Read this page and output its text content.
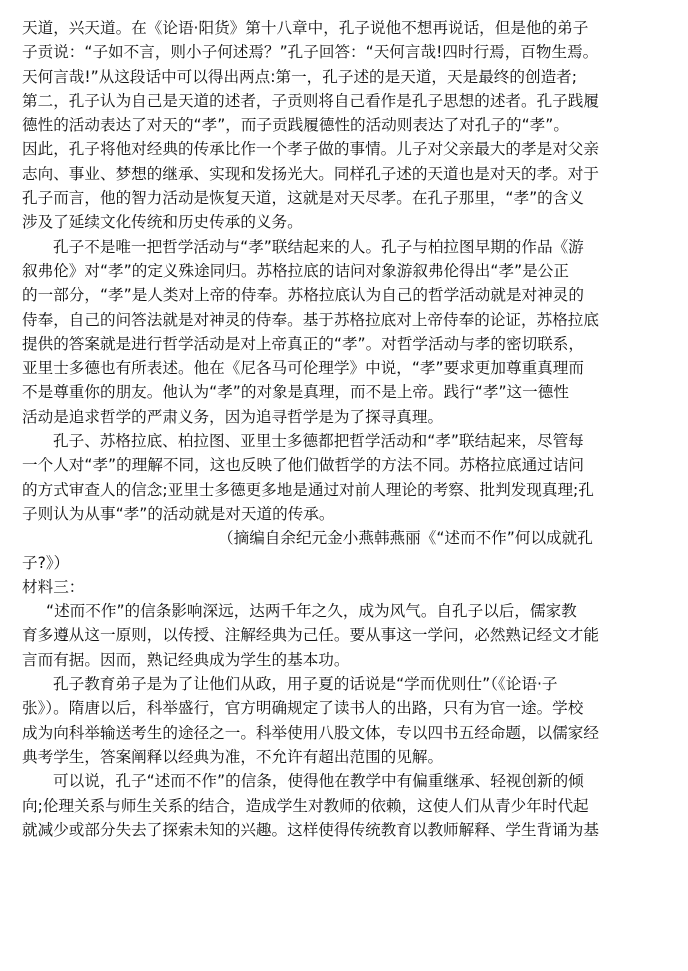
天道，兴天道。在《论语·阳货》第十八章中，孔子说他不想再说话，但是他的弟子
子贡说：“子如不言，则小子何述焉？”孔子回答：“天何言哉!四时行焉，百物生焉。
天何言哉!”从这段话中可以得出两点:第一，孔子述的是天道，天是最终的创造者;
第二，孔子认为自己是天道的述者，子贡则将自己看作是孔子思想的述者。孔子践履
德性的活动表达了对天的“孝”，而子贡践履德性的活动则表达了对孔子的“孝”。
因此，孔子将他对经典的传承比作一个孝子做的事情。儿子对父亲最大的孝是对父亲
志向、事业、梦想的继承、实现和发扬光大。同样孔子述的天道也是对天的孝。对于
孔子而言，他的智力活动是恢复天道，这就是对天尽孝。在孔子那里，“孝”的含义
涉及了延续文化传统和历史传承的义务。
孔子不是唯一把哲学活动与“孝”联结起来的人。孔子与柏拉图早期的作品《游
叙弗伦》对“孝”的定义殊途同归。苏格拉底的诘问对象游叙弗伦得出“孝”是公正
的一部分，“孝”是人类对上帝的侍奉。苏格拉底认为自己的哲学活动就是对神灵的
侍奉，自己的问答法就是对神灵的侍奉。基于苏格拉底对上帝侍奉的论证，苏格拉底
提供的答案就是进行哲学活动是对上帝真正的“孝”。对哲学活动与孝的密切联系，
亚里士多德也有所表述。他在《尼各马可伦理学》中说，“孝”要求更加尊重真理而
不是尊重你的朋友。他认为“孝”的对象是真理，而不是上帝。践行“孝”这一德性
活动是追求哲学的严肃义务，因为追寻哲学是为了探寻真理。
孔子、苏格拉底、柏拉图、亚里士多德都把哲学活动和“孝”联结起来，尽管每
一个人对“孝”的理解不同，这也反映了他们做哲学的方法不同。苏格拉底通过诘问
的方式审查人的信念;亚里士多德更多地是通过对前人理论的考察、批判发现真理;孔
子则认为从事“孝”的活动就是对天道的传承。
（摘编自余纪元金小燕韩燕丽《“述而不作”何以成就孔
子?》）
材料三：
“述而不作”的信条影响深远，达两千年之久，成为风气。自孔子以后，儒家教
育多遵从这一原则，以传授、注解经典为己任。要从事这一学问，必然熟记经文才能
言而有据。因而，熟记经典成为学生的基本功。
孔子教育弟子是为了让他们从政，用子夏的话说是“学而优则仕”（《论语·子
张》）。隋唐以后，科举盛行，官方明确规定了读书人的出路，只有为官一途。学校
成为向科举输送考生的途径之一。科举使用八股文体，专以四书五经命题，以儒家经
典考学生，答案阐释以经典为准，不允许有超出范围的见解。
可以说，孔子“述而不作”的信条，使得他在教学中有偏重继承、轻视创新的倾
向;伦理关系与师生关系的结合，造成学生对教师的依赖，这使人们从青少年时代起
就减少或部分失去了探索未知的兴趣。这样使得传统教育以教师解释、学生背诵为基
